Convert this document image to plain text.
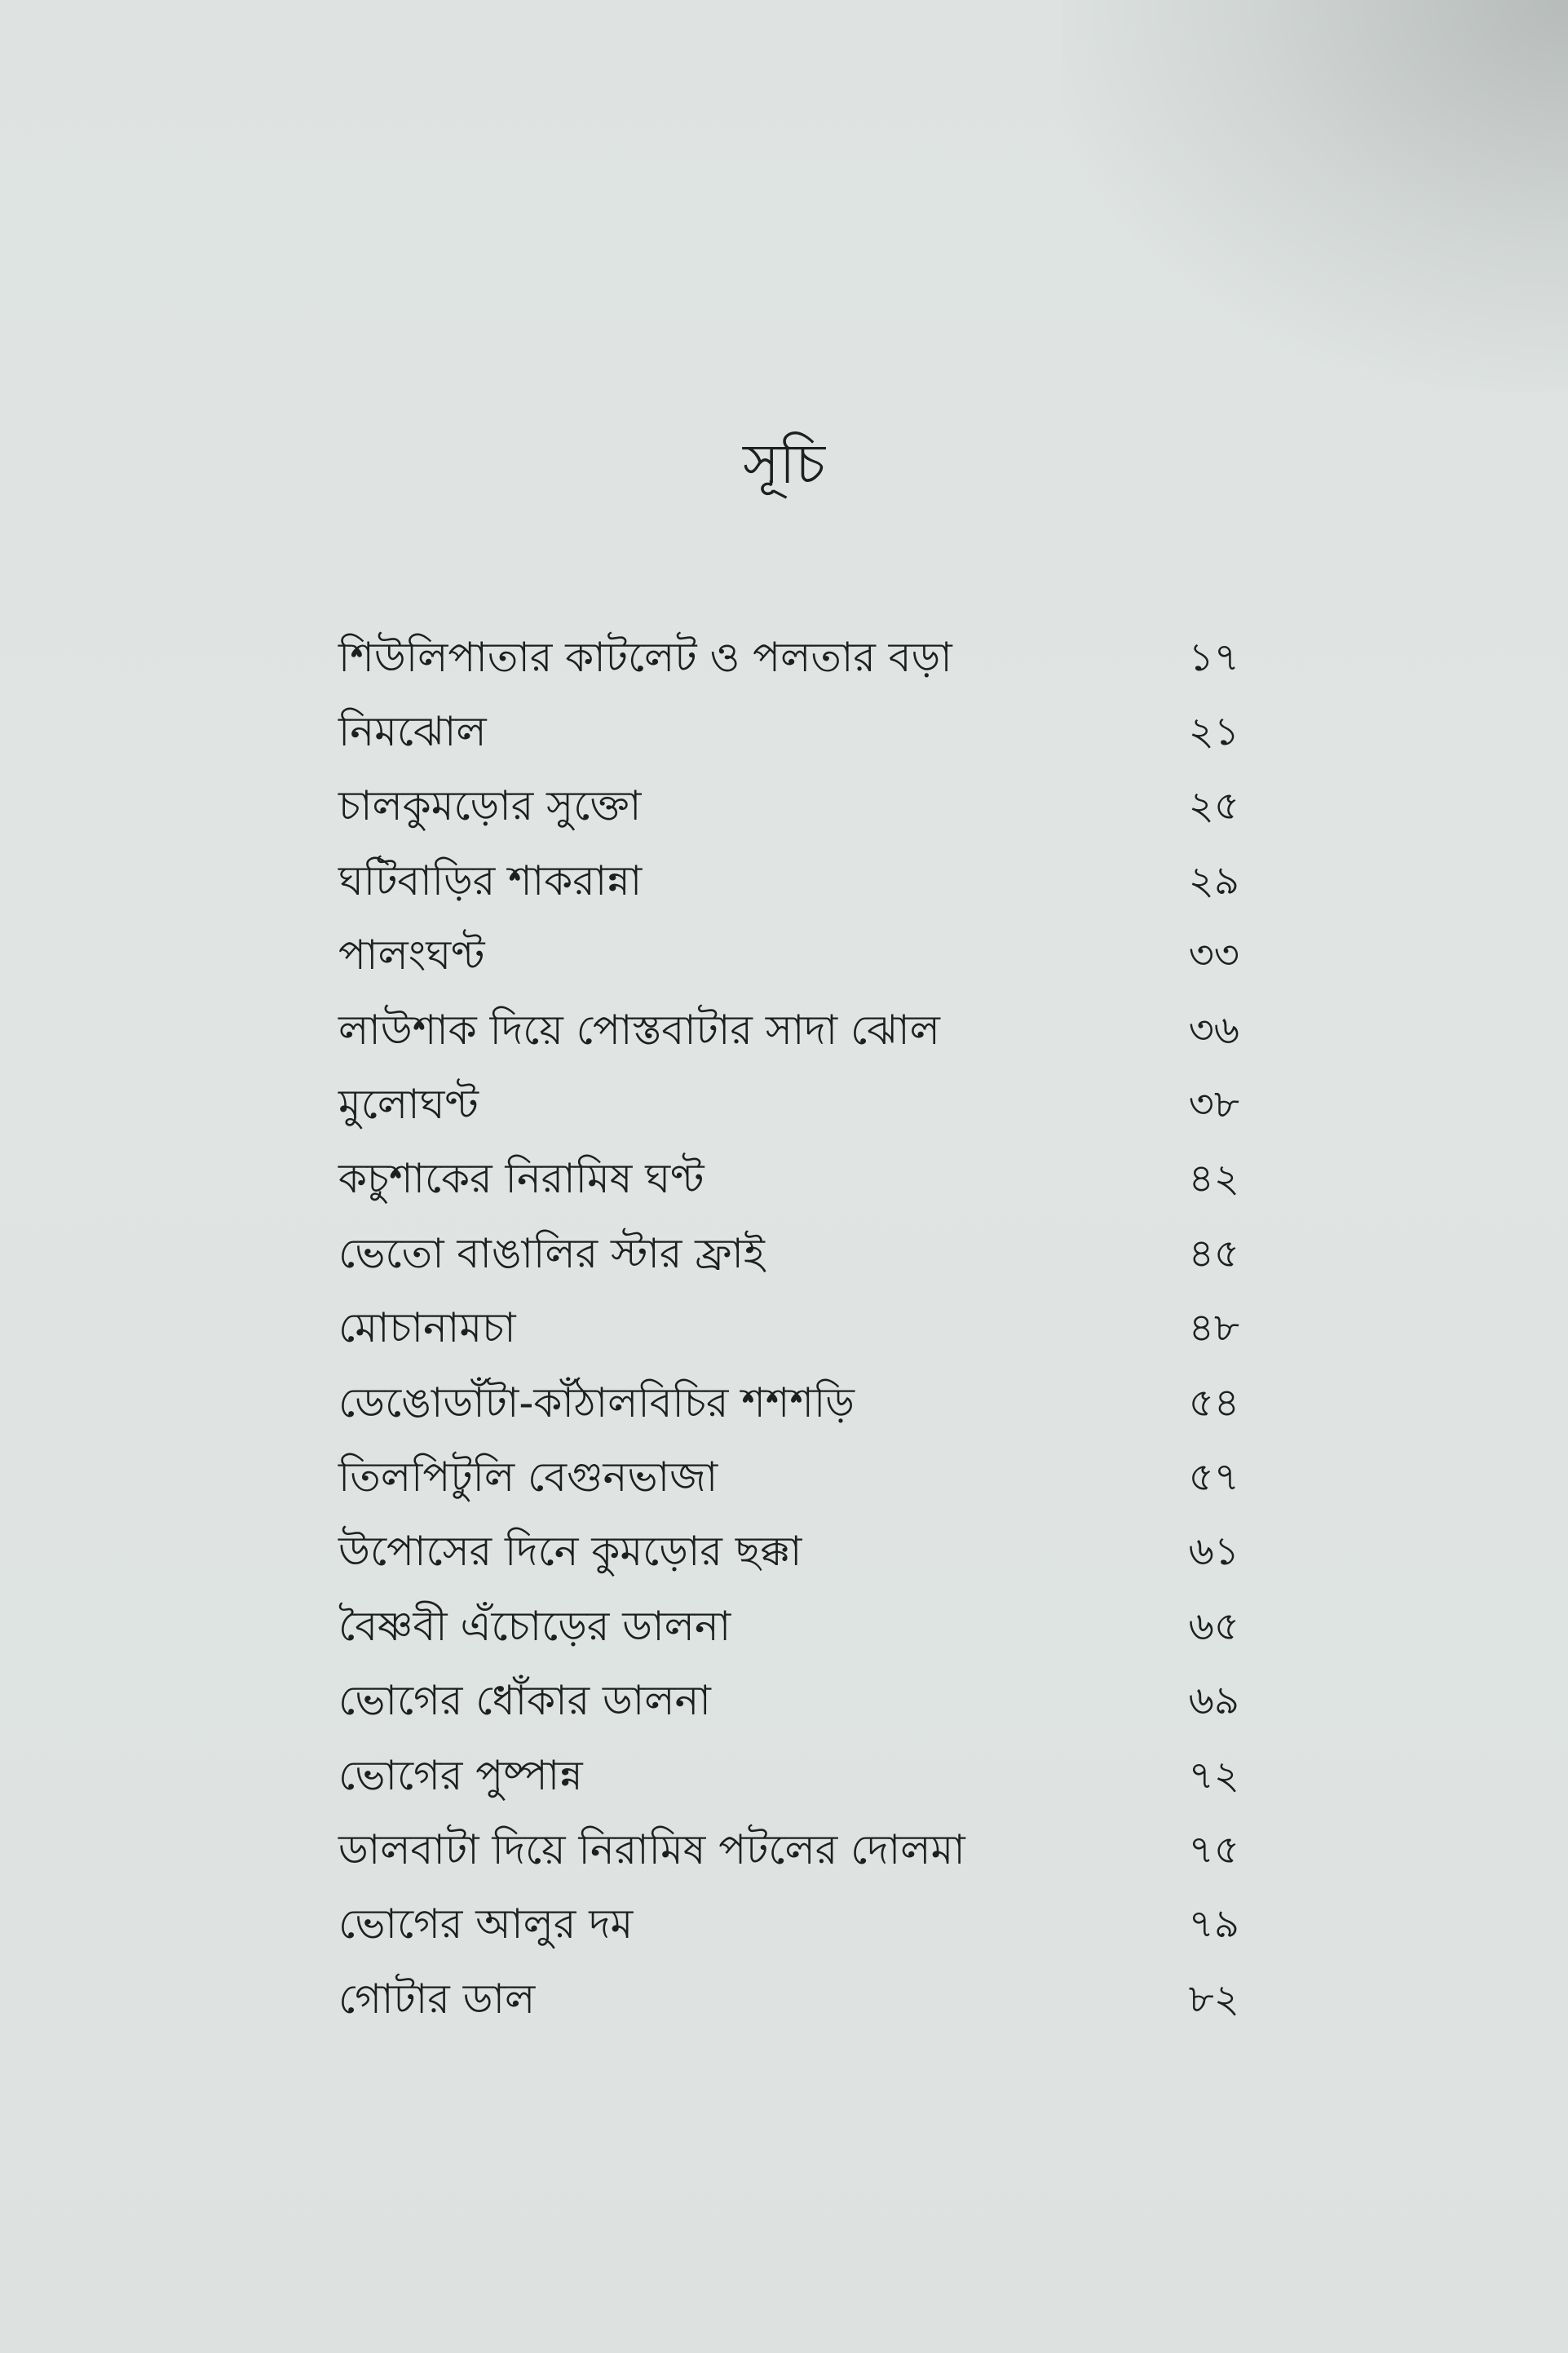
সূচি
শিউলিপাতার কাটলেট ও পলতার বড়া	১৭
নিমঝোল	২১
চালকুমড়োর সুক্তো	২৫
ঘটিবাড়ির শাকরান্না	২৯
পালংঘণ্ট	৩৩
লাউশাক দিয়ে পোস্তবাটার সাদা ঝোল	৩৬
মুলোঘণ্ট	৩৮
কচুশাকের নিরামিষ ঘণ্ট	৪২
ভেতো বাঙালির স্টার ফ্রাই	৪৫
মোচানামচা	৪৮
ডেঙোডাঁটা-কাঁঠালবিচির শশশড়ি	৫৪
তিলপিটুলি বেগুনভাজা	৫৭
উপোসের দিনে কুমড়োর ছক্কা	৬১
বৈষ্ণবী এঁচোড়ের ডালনা	৬৫
ভোগের ধোঁকার ডালনা	৬৯
ভোগের পুষ্পান্ন	৭২
ডালবাটা দিয়ে নিরামিষ পটলের দোলমা	৭৫
ভোগের আলুর দম	৭৯
গোটার ডাল	৮২
